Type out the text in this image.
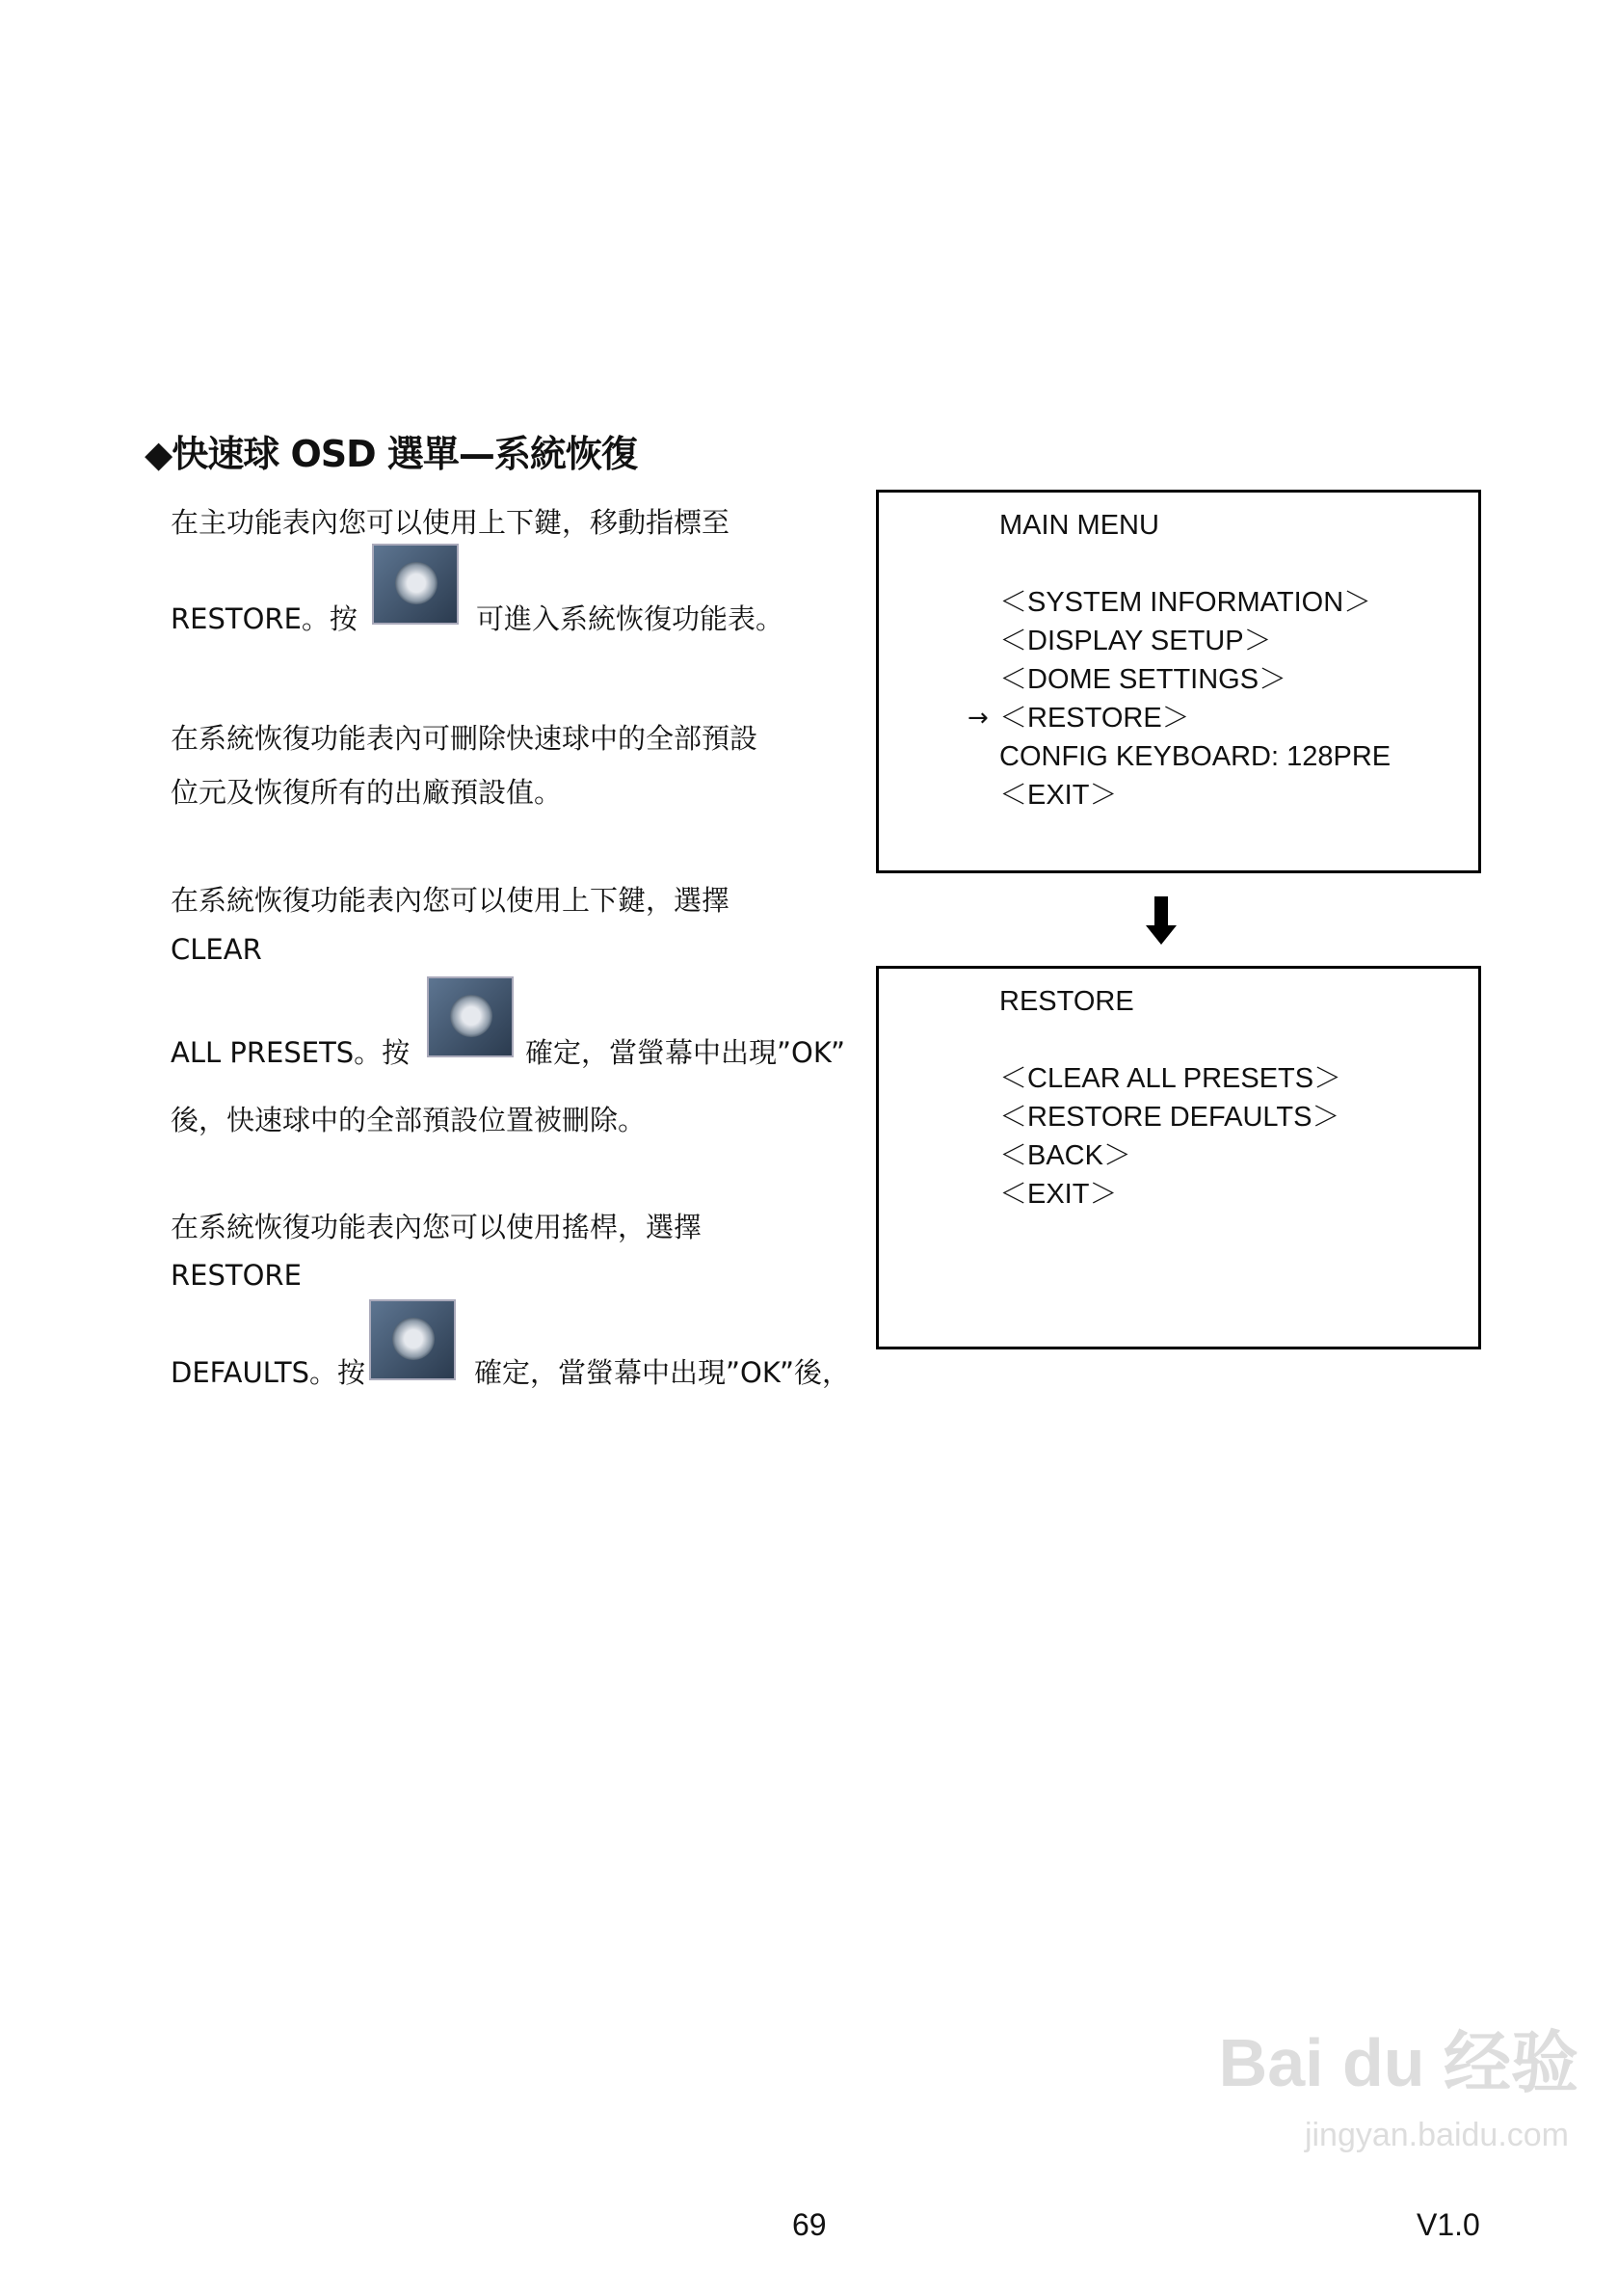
◆快速球 OSD 選單—系統恢復
在主功能表內您可以使用上下鍵，移動指標至
RESTORE。按	可進入系統恢復功能表。
在系統恢復功能表內可刪除快速球中的全部預設
位元及恢復所有的出廠預設值。
在系統恢復功能表內您可以使用上下鍵，選擇
CLEAR
ALL PRESETS。按	確定，當螢幕中出現”OK”
後，快速球中的全部預設位置被刪除。
在系統恢復功能表內您可以使用搖桿，選擇
RESTORE
DEFAULTS。按	確定，當螢幕中出現”OK”後，
MAIN MENU
＜SYSTEM INFORMATION＞
＜DISPLAY SETUP＞
＜DOME SETTINGS＞
→ ＜RESTORE＞
CONFIG KEYBOARD: 128PRE
＜EXIT＞
RESTORE
＜CLEAR ALL PRESETS＞
＜RESTORE DEFAULTS＞
＜BACK＞
＜EXIT＞
Bai du 经验
jingyan.baidu.com
69	V1.0
